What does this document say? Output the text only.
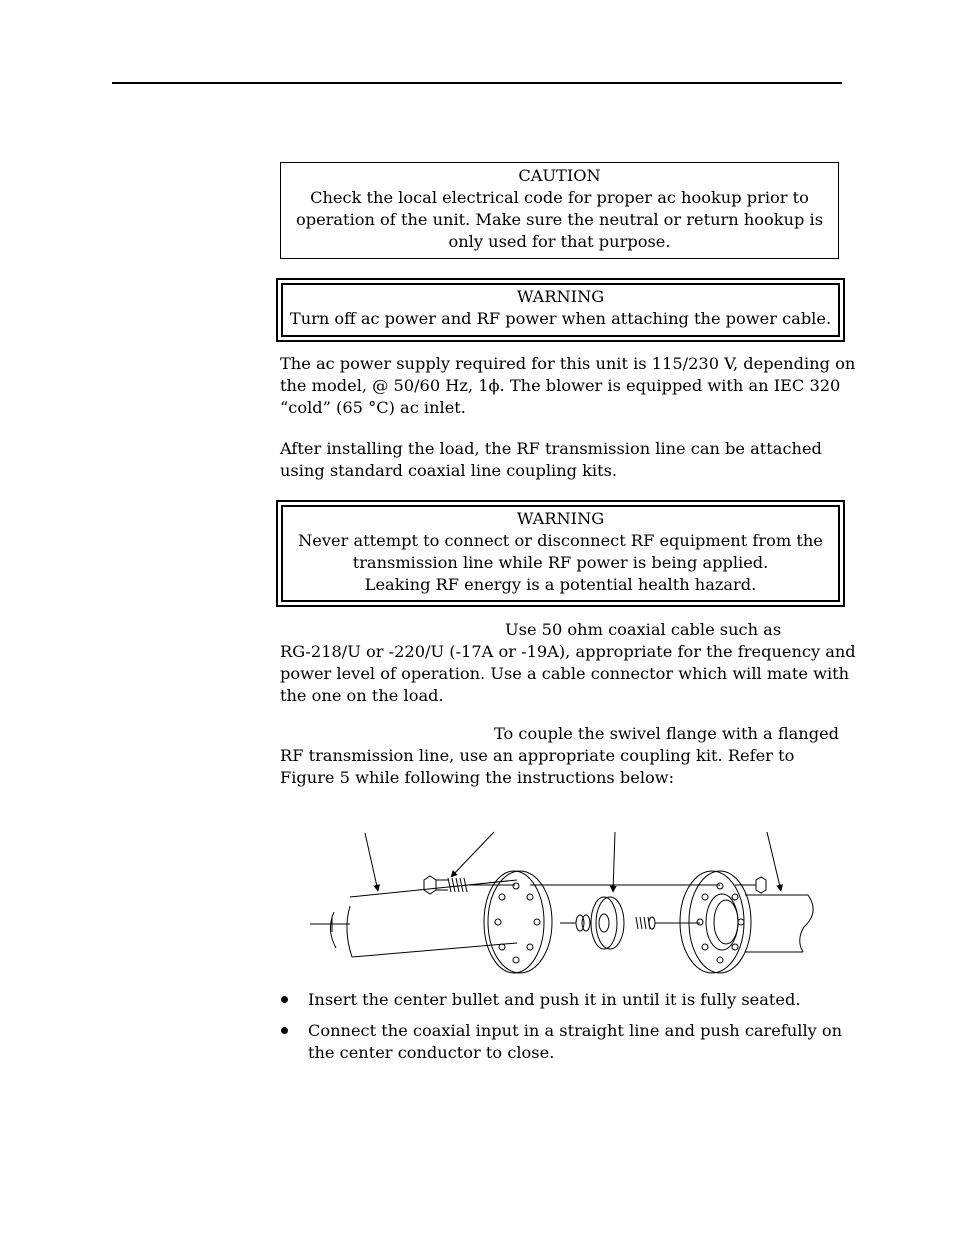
CAUTION
Check the local electrical code for proper ac hookup prior to
operation of the unit. Make sure the neutral or return hookup is
only used for that purpose.
WARNING
Turn off ac power and RF power when attaching the power cable.
The ac power supply required for this unit is 115/230 V, depending on
the model, @ 50/60 Hz, 1ϕ. The blower is equipped with an IEC 320
“cold” (65 °C) ac inlet.
After installing the load, the RF transmission line can be attached
using standard coaxial line coupling kits.
WARNING
Never attempt to connect or disconnect RF equipment from the
transmission line while RF power is being applied.
Leaking RF energy is a potential health hazard.
Use 50 ohm coaxial cable such as
RG-218/U or -220/U (-17A or -19A), appropriate for the frequency and
power level of operation. Use a cable connector which will mate with
the one on the load.
To couple the swivel flange with a flanged
RF transmission line, use an appropriate coupling kit. Refer to
Figure 5 while following the instructions below:
Insert the center bullet and push it in until it is fully seated.
Connect the coaxial input in a straight line and push carefully on
the center conductor to close.
